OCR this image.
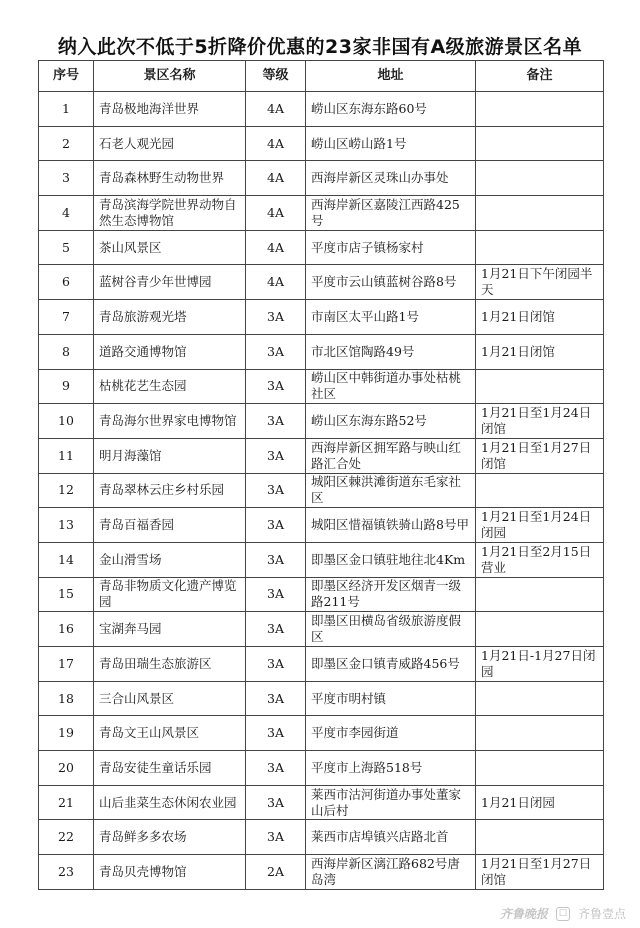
纳入此次不低于5折降价优惠的23家非国有A级旅游景区名单
序号	景区名称	等级	地址	备注
1	青岛极地海洋世界	4A	崂山区东海东路60号	
2	石老人观光园	4A	崂山区崂山路1号	
3	青岛森林野生动物世界	4A	西海岸新区灵珠山办事处	
4	青岛滨海学院世界动物自然生态博物馆	4A	西海岸新区嘉陵江西路425号	
5	茶山风景区	4A	平度市店子镇杨家村	
6	蓝树谷青少年世博园	4A	平度市云山镇蓝树谷路8号	1月21日下午闭园半天
7	青岛旅游观光塔	3A	市南区太平山路1号	1月21日闭馆
8	道路交通博物馆	3A	市北区馆陶路49号	1月21日闭馆
9	枯桃花艺生态园	3A	崂山区中韩街道办事处枯桃社区	
10	青岛海尔世界家电博物馆	3A	崂山区东海东路52号	1月21日至1月24日闭馆
11	明月海藻馆	3A	西海岸新区拥军路与映山红路汇合处	1月21日至1月27日闭馆
12	青岛翠林云庄乡村乐园	3A	城阳区棘洪滩街道东毛家社区	
13	青岛百福香园	3A	城阳区惜福镇铁骑山路8号甲	1月21日至1月24日闭园
14	金山滑雪场	3A	即墨区金口镇驻地往北4Km	1月21日至2月15日营业
15	青岛非物质文化遗产博览园	3A	即墨区经济开发区烟青一级路211号	
16	宝湖奔马园	3A	即墨区田横岛省级旅游度假区	
17	青岛田瑞生态旅游区	3A	即墨区金口镇青威路456号	1月21日-1月27日闭园
18	三合山风景区	3A	平度市明村镇	
19	青岛文王山风景区	3A	平度市李园街道	
20	青岛安徒生童话乐园	3A	平度市上海路518号	
21	山后韭菜生态休闲农业园	3A	莱西市沽河街道办事处董家山后村	1月21日闭园
22	青岛鲜多多农场	3A	莱西市店埠镇兴店路北首	
23	青岛贝壳博物馆	2A	西海岸新区漓江路682号唐岛湾	1月21日至1月27日闭馆
齐鲁晚报	☐ 齐鲁壹点
